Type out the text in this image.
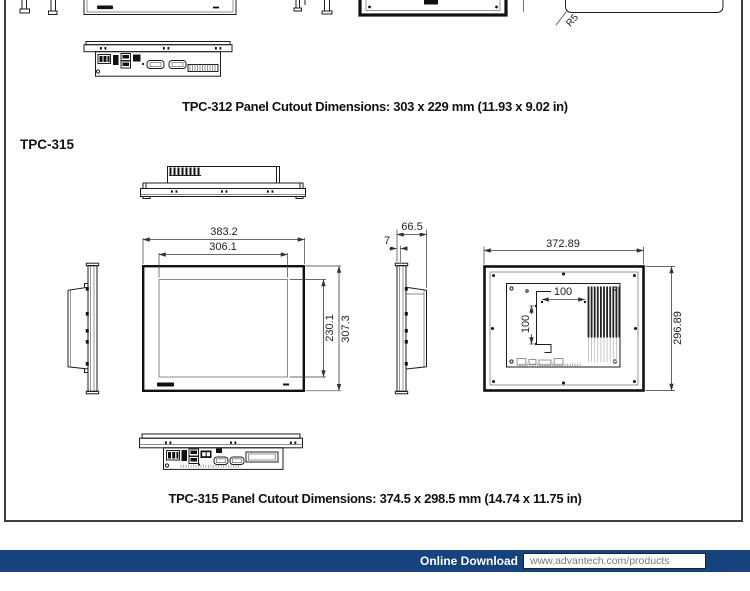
TPC-312 Panel Cutout Dimensions: 303 x 229 mm (11.93 x 9.02 in)
TPC-315
R5
383.2
306.1
230.1 307.3
66.5
7	372.89
296.89
100
100
TPC-315 Panel Cutout Dimensions: 374.5 x 298.5 mm (14.74 x 11.75 in)
Online Download	www.advantech.com/products
